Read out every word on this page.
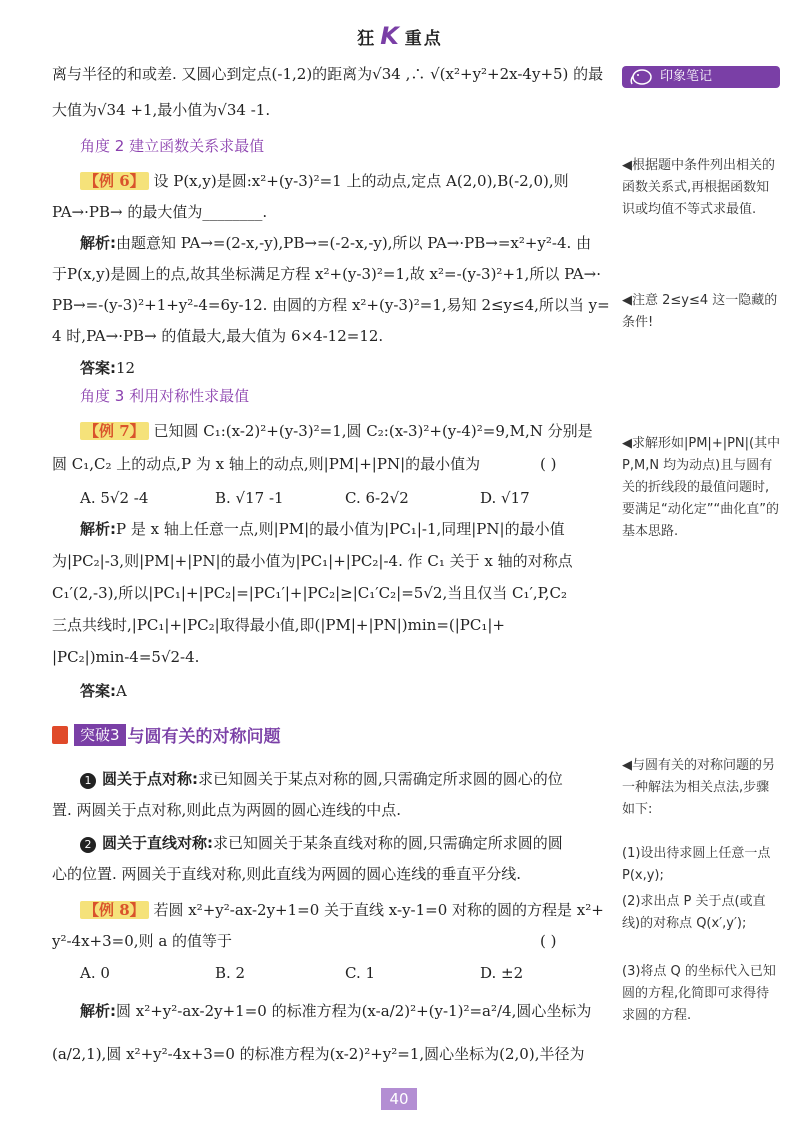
狂 K 重点
印象笔记
离与半径的和或差. 又圆心到定点(-1,2)的距离为√34 ,∴ √(x²+y²+2x-4y+5) 的最
大值为√34 +1,最小值为√34 -1.
角度 2 建立函数关系求最值
【例 6】 设 P(x,y)是圆:x²+(y-3)²=1 上的动点,定点 A(2,0),B(-2,0),则
PA→·PB→ 的最大值为________.
解析:由题意知 PA→=(2-x,-y),PB→=(-2-x,-y),所以 PA→·PB→=x²+y²-4. 由
于P(x,y)是圆上的点,故其坐标满足方程 x²+(y-3)²=1,故 x²=-(y-3)²+1,所以 PA→·
PB→=-(y-3)²+1+y²-4=6y-12. 由圆的方程 x²+(y-3)²=1,易知 2≤y≤4,所以当 y=
4 时,PA→·PB→ 的值最大,最大值为 6×4-12=12.
答案:12
角度 3 利用对称性求最值
【例 7】 已知圆 C₁:(x-2)²+(y-3)²=1,圆 C₂:(x-3)²+(y-4)²=9,M,N 分别是
圆 C₁,C₂ 上的动点,P 为 x 轴上的动点,则|PM|+|PN|的最小值为	( )
A. 5√2 -4	B. √17 -1	C. 6-2√2	D. √17
解析:P 是 x 轴上任意一点,则|PM|的最小值为|PC₁|-1,同理|PN|的最小值
为|PC₂|-3,则|PM|+|PN|的最小值为|PC₁|+|PC₂|-4. 作 C₁ 关于 x 轴的对称点
C₁′(2,-3),所以|PC₁|+|PC₂|=|PC₁′|+|PC₂|≥|C₁′C₂|=5√2,当且仅当 C₁′,P,C₂
三点共线时,|PC₁|+|PC₂|取得最小值,即(|PM|+|PN|)min=(|PC₁|+
|PC₂|)min-4=5√2-4.
答案:A
突破3 与圆有关的对称问题
1 圆关于点对称:求已知圆关于某点对称的圆,只需确定所求圆的圆心的位
置. 两圆关于点对称,则此点为两圆的圆心连线的中点.
2 圆关于直线对称:求已知圆关于某条直线对称的圆,只需确定所求圆的圆
心的位置. 两圆关于直线对称,则此直线为两圆的圆心连线的垂直平分线.
【例 8】 若圆 x²+y²-ax-2y+1=0 关于直线 x-y-1=0 对称的圆的方程是 x²+
y²-4x+3=0,则 a 的值等于	( )
A. 0	B. 2	C. 1	D. ±2
解析:圆 x²+y²-ax-2y+1=0 的标准方程为(x-a/2)²+(y-1)²=a²/4,圆心坐标为
(a/2,1),圆 x²+y²-4x+3=0 的标准方程为(x-2)²+y²=1,圆心坐标为(2,0),半径为
◀根据题中条件列出相关的函数关系式,再根据函数知识或均值不等式求最值.
◀注意 2≤y≤4 这一隐藏的条件!
◀求解形如|PM|+|PN|(其中 P,M,N 均为动点)且与圆有关的折线段的最值问题时,要满足“动化定”“曲化直”的基本思路.
◀与圆有关的对称问题的另一种解法为相关点法,步骤如下:
(1)设出待求圆上任意一点 P(x,y);
(2)求出点 P 关于点(或直线)的对称点 Q(x′,y′);
(3)将点 Q 的坐标代入已知圆的方程,化简即可求得待求圆的方程.
40
